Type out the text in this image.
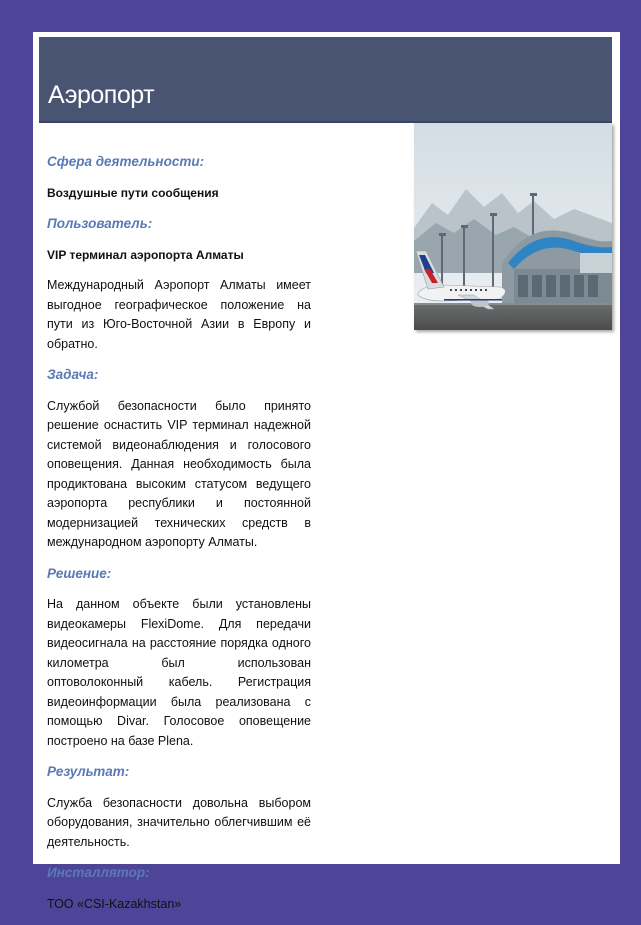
Аэропорт
Сфера деятельности:
Воздушные пути сообщения
Пользователь:
VIP терминал аэропорта Алматы
Международный Аэропорт Алматы имеет выгодное географическое положение на пути из Юго-Восточной Азии в Европу и обратно.
Задача:
Службой безопасности было принято решение оснастить VIP терминал надежной системой видеонаблюдения и голосового оповещения. Данная необходимость была продиктована высоким статусом ведущего аэропорта республики и постоянной модернизацией технических средств в международном аэропорту Алматы.
Решение:
На данном объекте были установлены видеокамеры FlexiDome. Для передачи видеосигнала на расстояние порядка одного километра был использован оптоволоконный кабель. Регистрация видеоинформации была реализована с помощью Divar. Голосовое оповещение построено на базе Plena.
Результат:
Служба безопасности довольна выбором оборудования, значительно облегчившим её деятельность.
Инсталлятор:
ТОО «CSI-Kazakhstan»
